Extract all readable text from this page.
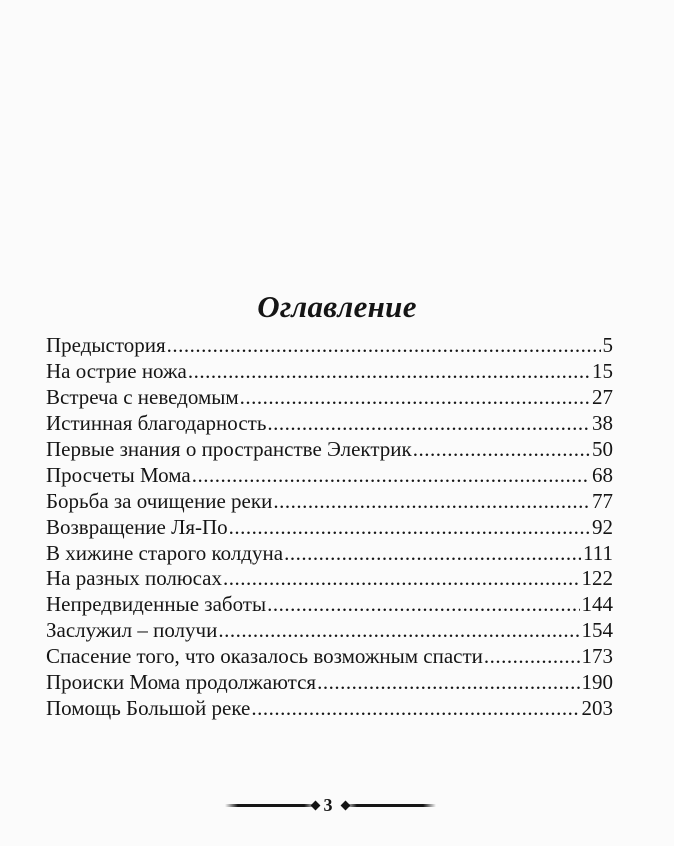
Оглавление
Предыстория .....	5
На острие ножа .....	15
Встреча с неведомым .....	27
Истинная благодарность .....	38
Первые знания о пространстве Электрик .....	50
Просчеты Мома .....	68
Борьба за очищение реки .....	77
Возвращение Ля-По .....	92
В хижине старого колдуна .....	111
На разных полюсах .....	122
Непредвиденные заботы .....	144
Заслужил – получи .....	154
Спасение того, что оказалось возможным спасти .....	173
Происки Мома продолжаются .....	190
Помощь Большой реке .....	203
3
